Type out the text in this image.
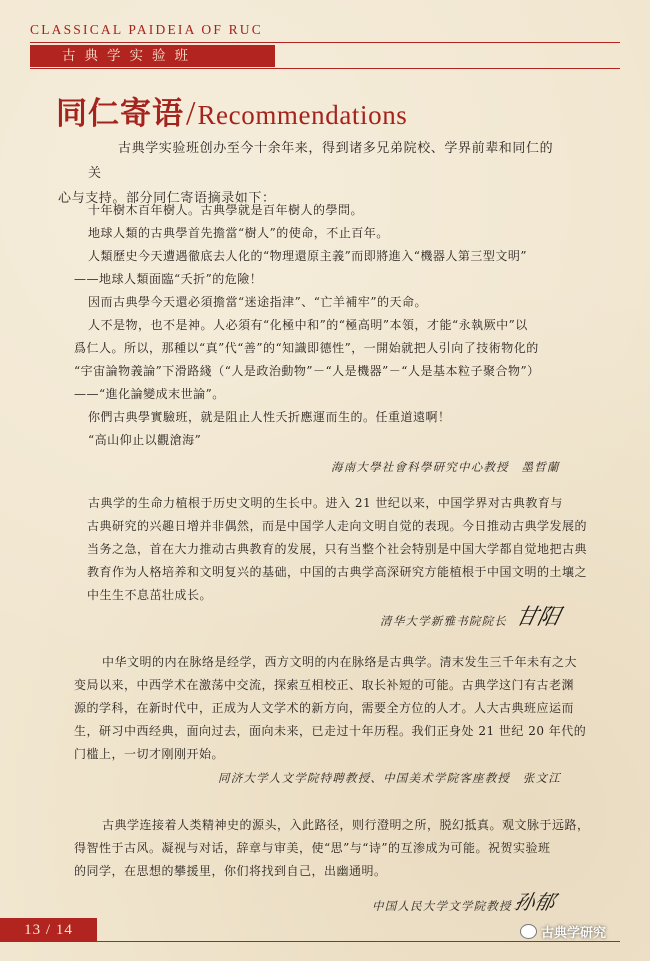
CLASSICAL PAIDEIA OF RUC
古典学实验班
同仁寄语/Recommendations
古典学实验班创办至今十余年来，得到诸多兄弟院校、学界前辈和同仁的关
心与支持。部分同仁寄语摘录如下：
十年樹木百年樹人。古典學就是百年樹人的學問。
地球人類的古典學首先擔當“樹人”的使命，不止百年。
人類歷史今天遭遇徹底去人化的“物理還原主義”而即將進入“機器人第三型文明”
——地球人類面臨“夭折”的危險！
因而古典學今天還必須擔當“迷途指津”、“亡羊補牢”的天命。
人不是物，也不是神。人必須有“化極中和”的“極高明”本領，才能“永執厥中”以
爲仁人。所以，那種以“真”代“善”的“知識即德性”，一開始就把人引向了技術物化的
“宇宙論物義論”下滑路綫（“人是政治動物”－“人是機器”－“人是基本粒子聚合物”）
——“進化論變成末世論”。
你們古典學實驗班，就是阻止人性夭折應運而生的。任重道遠啊！
“高山仰止以觀滄海”
海南大學社會科學研究中心教授　墨哲蘭
古典学的生命力植根于历史文明的生长中。进入 21 世纪以来，中国学界对古典教育与
古典研究的兴趣日增并非偶然，而是中国学人走向文明自觉的表现。今日推动古典学发展的
当务之急，首在大力推动古典教育的发展，只有当整个社会特别是中国大学都自觉地把古典
教育作为人格培养和文明复兴的基础，中国的古典学高深研究方能植根于中国文明的土壤之
中生生不息茁壮成长。
清华大学新雅书院院长 甘阳
中华文明的内在脉络是经学，西方文明的内在脉络是古典学。清末发生三千年未有之大
变局以来，中西学术在激荡中交流，探索互相校正、取长补短的可能。古典学这门有古老渊
源的学科，在新时代中，正成为人文学术的新方向，需要全方位的人才。人大古典班应运而
生，研习中西经典，面向过去，面向未来，已走过十年历程。我们正身处 21 世纪 20 年代的
门槛上，一切才刚刚开始。
同济大学人文学院特聘教授、中国美术学院客座教授　张文江
古典学连接着人类精神史的源头，入此路径，则行澄明之所，脱幻抵真。观文脉于远路，
得智性于古风。凝视与对话，辞章与审美，使“思”与“诗”的互渗成为可能。祝贺实验班
的同学，在思想的攀援里，你们将找到自己，出幽通明。
中国人民大学文学院教授 孙郁
13 / 14	古典学研究
